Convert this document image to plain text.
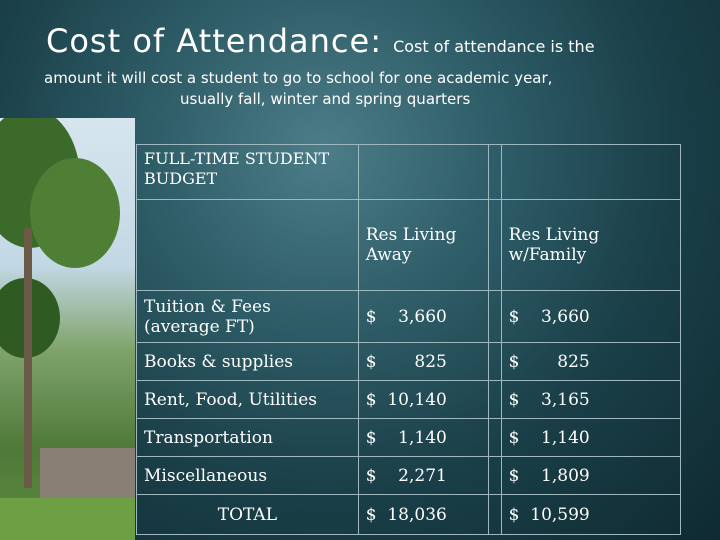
Cost of Attendance: Cost of attendance is the
amount it will cost a student to go to school for one academic year,
usually fall, winter and spring quarters
FULL-TIME STUDENT BUDGET			
	Res Living Away		Res Living w/Family
Tuition & Fees (average FT)	$    3,660		$    3,660
Books & supplies	$       825		$       825
Rent, Food, Utilities	$  10,140		$    3,165
Transportation	$    1,140		$    1,140
Miscellaneous	$    2,271		$    1,809
TOTAL	$  18,036		$  10,599
